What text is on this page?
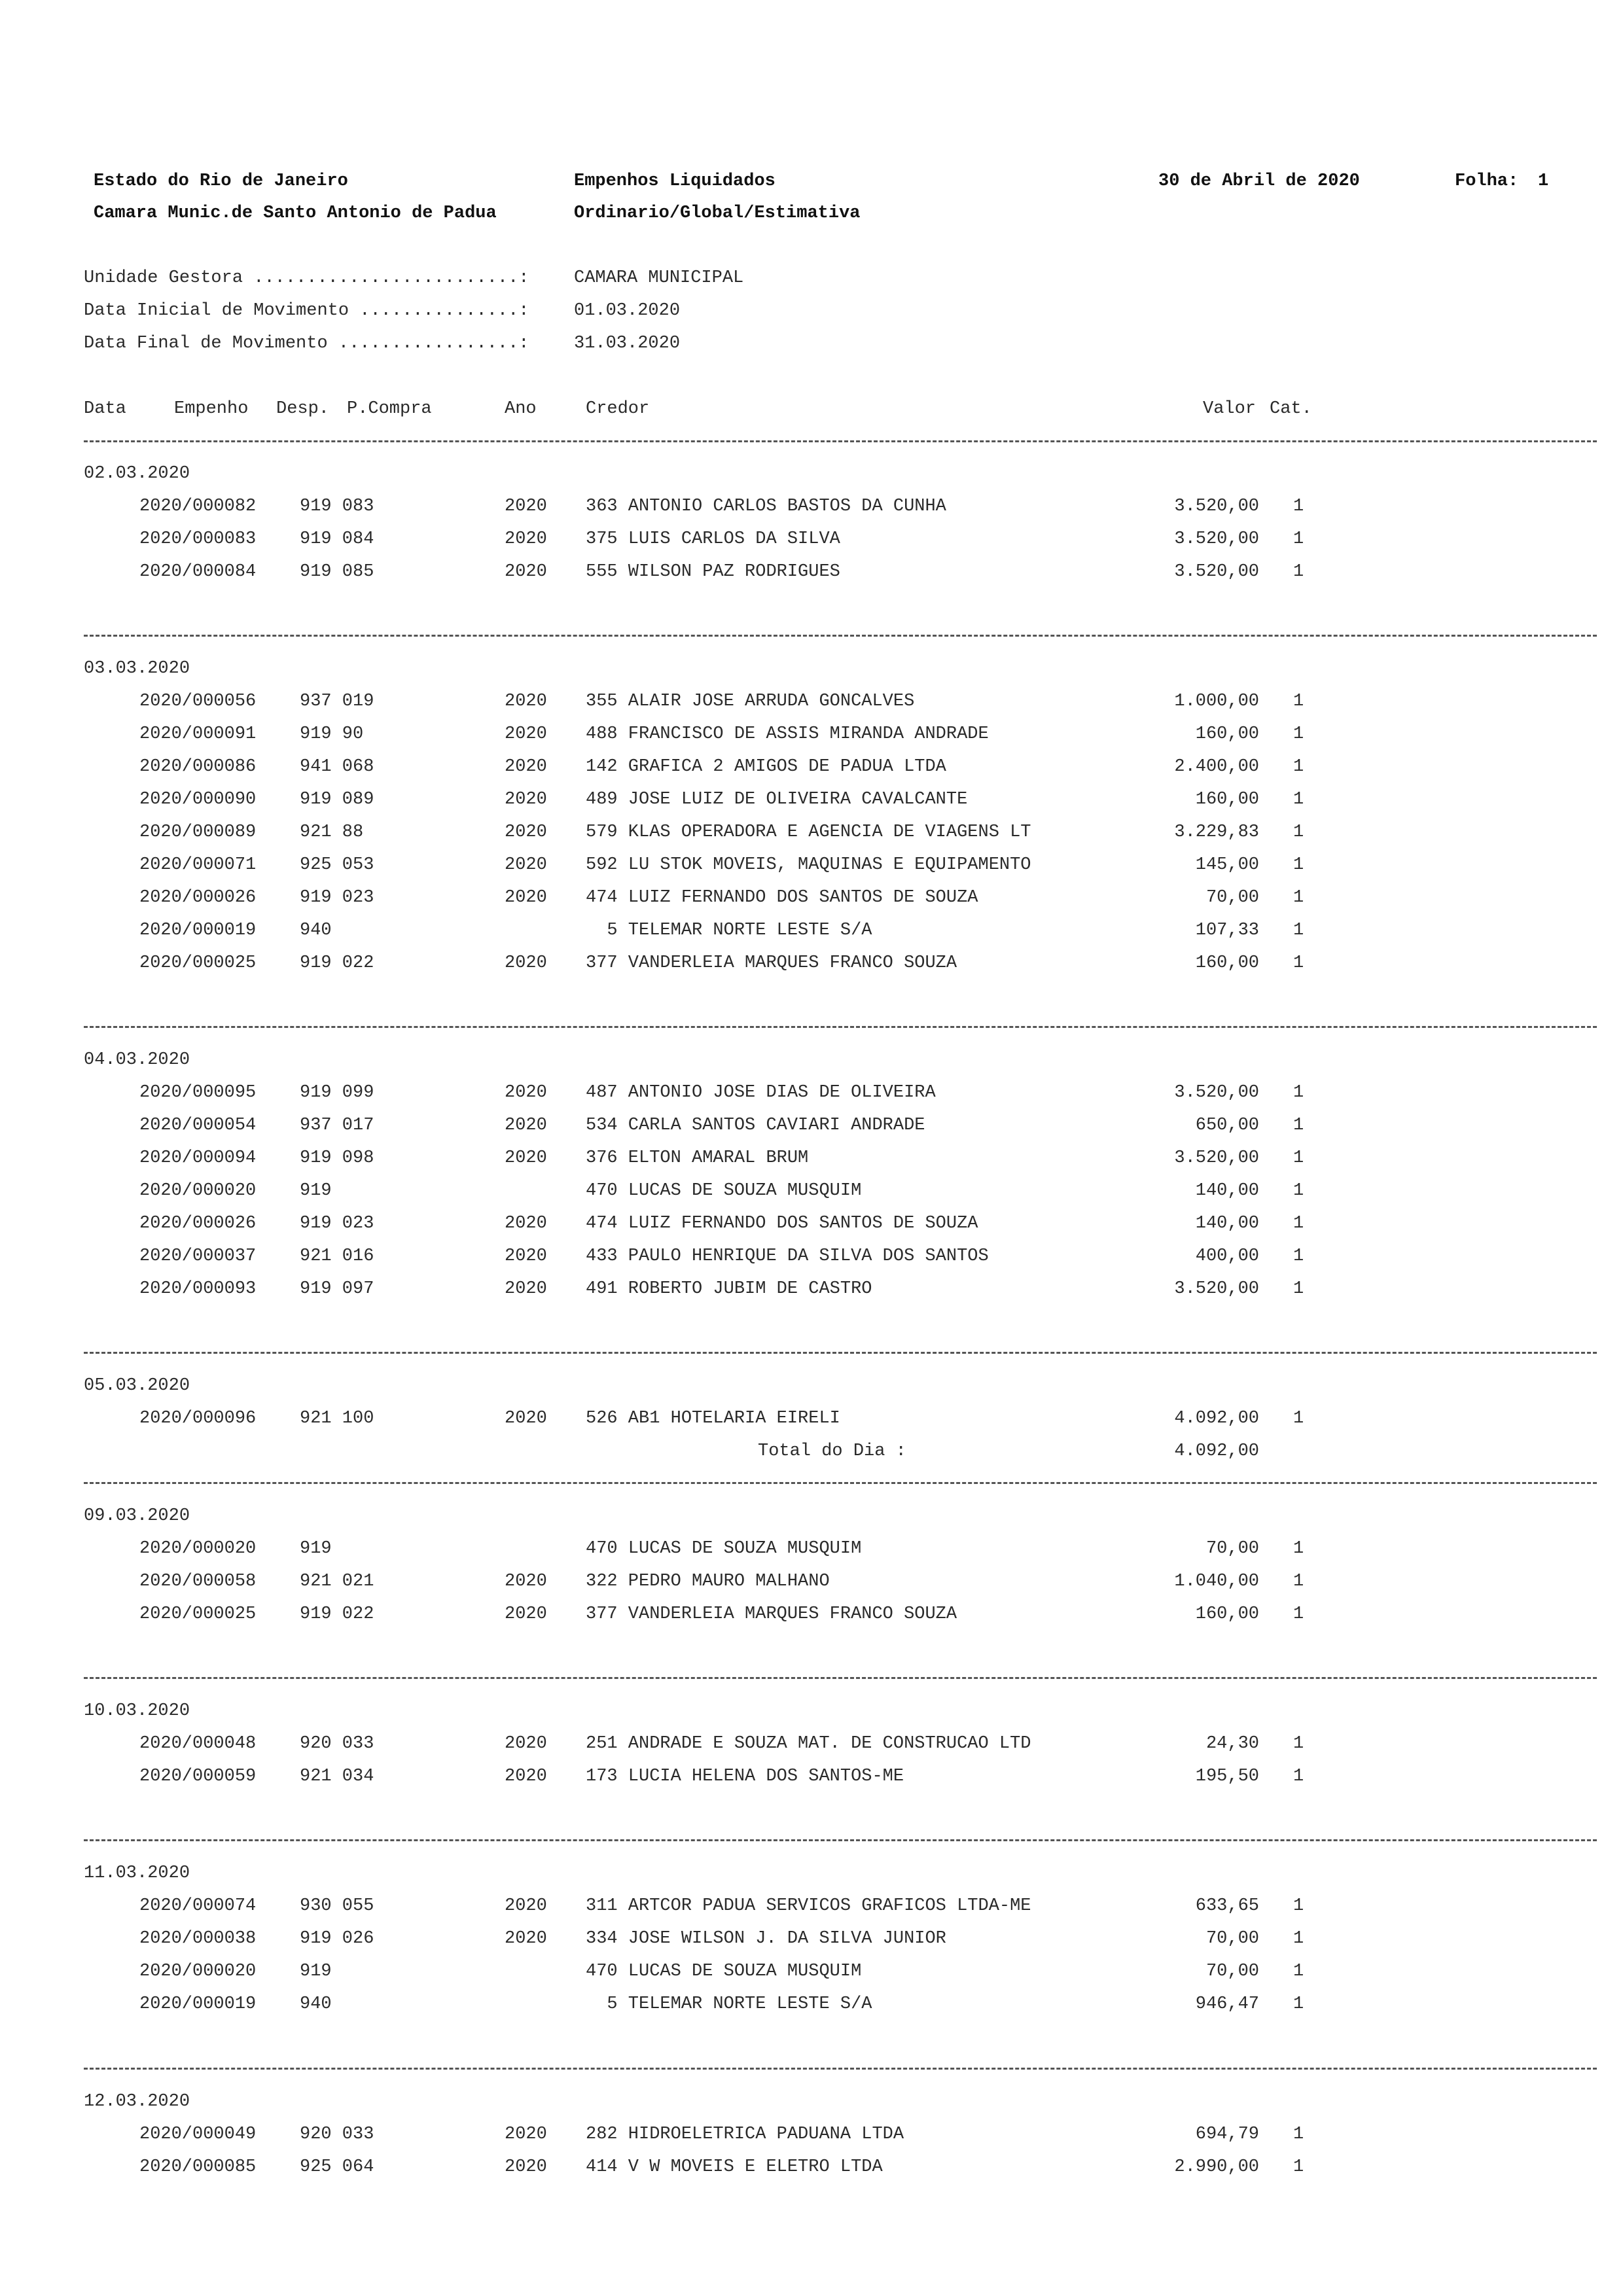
Estado do Rio de Janeiro
Camara Munic.de Santo Antonio de Padua
Empenhos Liquidados
Ordinario/Global/Estimativa
30 de Abril de 2020	Folha: 1
Unidade Gestora .........................:	CAMARA MUNICIPAL
Data Inicial de Movimento ...............:	01.03.2020
Data Final de Movimento .................:	31.03.2020
Data	Empenho Desp. P.Compra	Ano	Credor	Valor Cat.
02.03.2020
2020/000082 919 083	2020 363 ANTONIO CARLOS BASTOS DA CUNHA	3.520,00 1
2020/000083 919 084	2020 375 LUIS CARLOS DA SILVA	3.520,00 1
2020/000084 919 085	2020 555 WILSON PAZ RODRIGUES	3.520,00 1
03.03.2020
2020/000056 937 019	2020 355 ALAIR JOSE ARRUDA GONCALVES	1.000,00 1
2020/000091 919 90	2020 488 FRANCISCO DE ASSIS MIRANDA ANDRADE	160,00 1
2020/000086 941 068	2020 142 GRAFICA 2 AMIGOS DE PADUA LTDA	2.400,00 1
2020/000090 919 089	2020 489 JOSE LUIZ DE OLIVEIRA CAVALCANTE	160,00 1
2020/000089 921 88	2020 579 KLAS OPERADORA E AGENCIA DE VIAGENS LT	3.229,83 1
2020/000071 925 053	2020 592 LU STOK MOVEIS, MAQUINAS E EQUIPAMENTO	145,00 1
2020/000026 919 023	2020 474 LUIZ FERNANDO DOS SANTOS DE SOUZA	70,00 1
2020/000019 940	5 TELEMAR NORTE LESTE S/A	107,33 1
2020/000025 919 022	2020 377 VANDERLEIA MARQUES FRANCO SOUZA	160,00 1
04.03.2020
2020/000095 919 099	2020 487 ANTONIO JOSE DIAS DE OLIVEIRA	3.520,00 1
2020/000054 937 017	2020 534 CARLA SANTOS CAVIARI ANDRADE	650,00 1
2020/000094 919 098	2020 376 ELTON AMARAL BRUM	3.520,00 1
2020/000020 919	470 LUCAS DE SOUZA MUSQUIM	140,00 1
2020/000026 919 023	2020 474 LUIZ FERNANDO DOS SANTOS DE SOUZA	140,00 1
2020/000037 921 016	2020 433 PAULO HENRIQUE DA SILVA DOS SANTOS	400,00 1
2020/000093 919 097	2020 491 ROBERTO JUBIM DE CASTRO	3.520,00 1
05.03.2020
2020/000096 921 100	2020 526 AB1 HOTELARIA EIRELI	4.092,00 1
Total do Dia :	4.092,00
09.03.2020
2020/000020 919	470 LUCAS DE SOUZA MUSQUIM	70,00 1
2020/000058 921 021	2020 322 PEDRO MAURO MALHANO	1.040,00 1
2020/000025 919 022	2020 377 VANDERLEIA MARQUES FRANCO SOUZA	160,00 1
10.03.2020
2020/000048 920 033	2020 251 ANDRADE E SOUZA MAT. DE CONSTRUCAO LTD	24,30 1
2020/000059 921 034	2020 173 LUCIA HELENA DOS SANTOS-ME	195,50 1
11.03.2020
2020/000074 930 055	2020 311 ARTCOR PADUA SERVICOS GRAFICOS LTDA-ME	633,65 1
2020/000038 919 026	2020 334 JOSE WILSON J. DA SILVA JUNIOR	70,00 1
2020/000020 919	470 LUCAS DE SOUZA MUSQUIM	70,00 1
2020/000019 940	5 TELEMAR NORTE LESTE S/A	946,47 1
12.03.2020
2020/000049 920 033	2020 282 HIDROELETRICA PADUANA LTDA	694,79 1
2020/000085 925 064	2020 414 V W MOVEIS E ELETRO LTDA	2.990,00 1
